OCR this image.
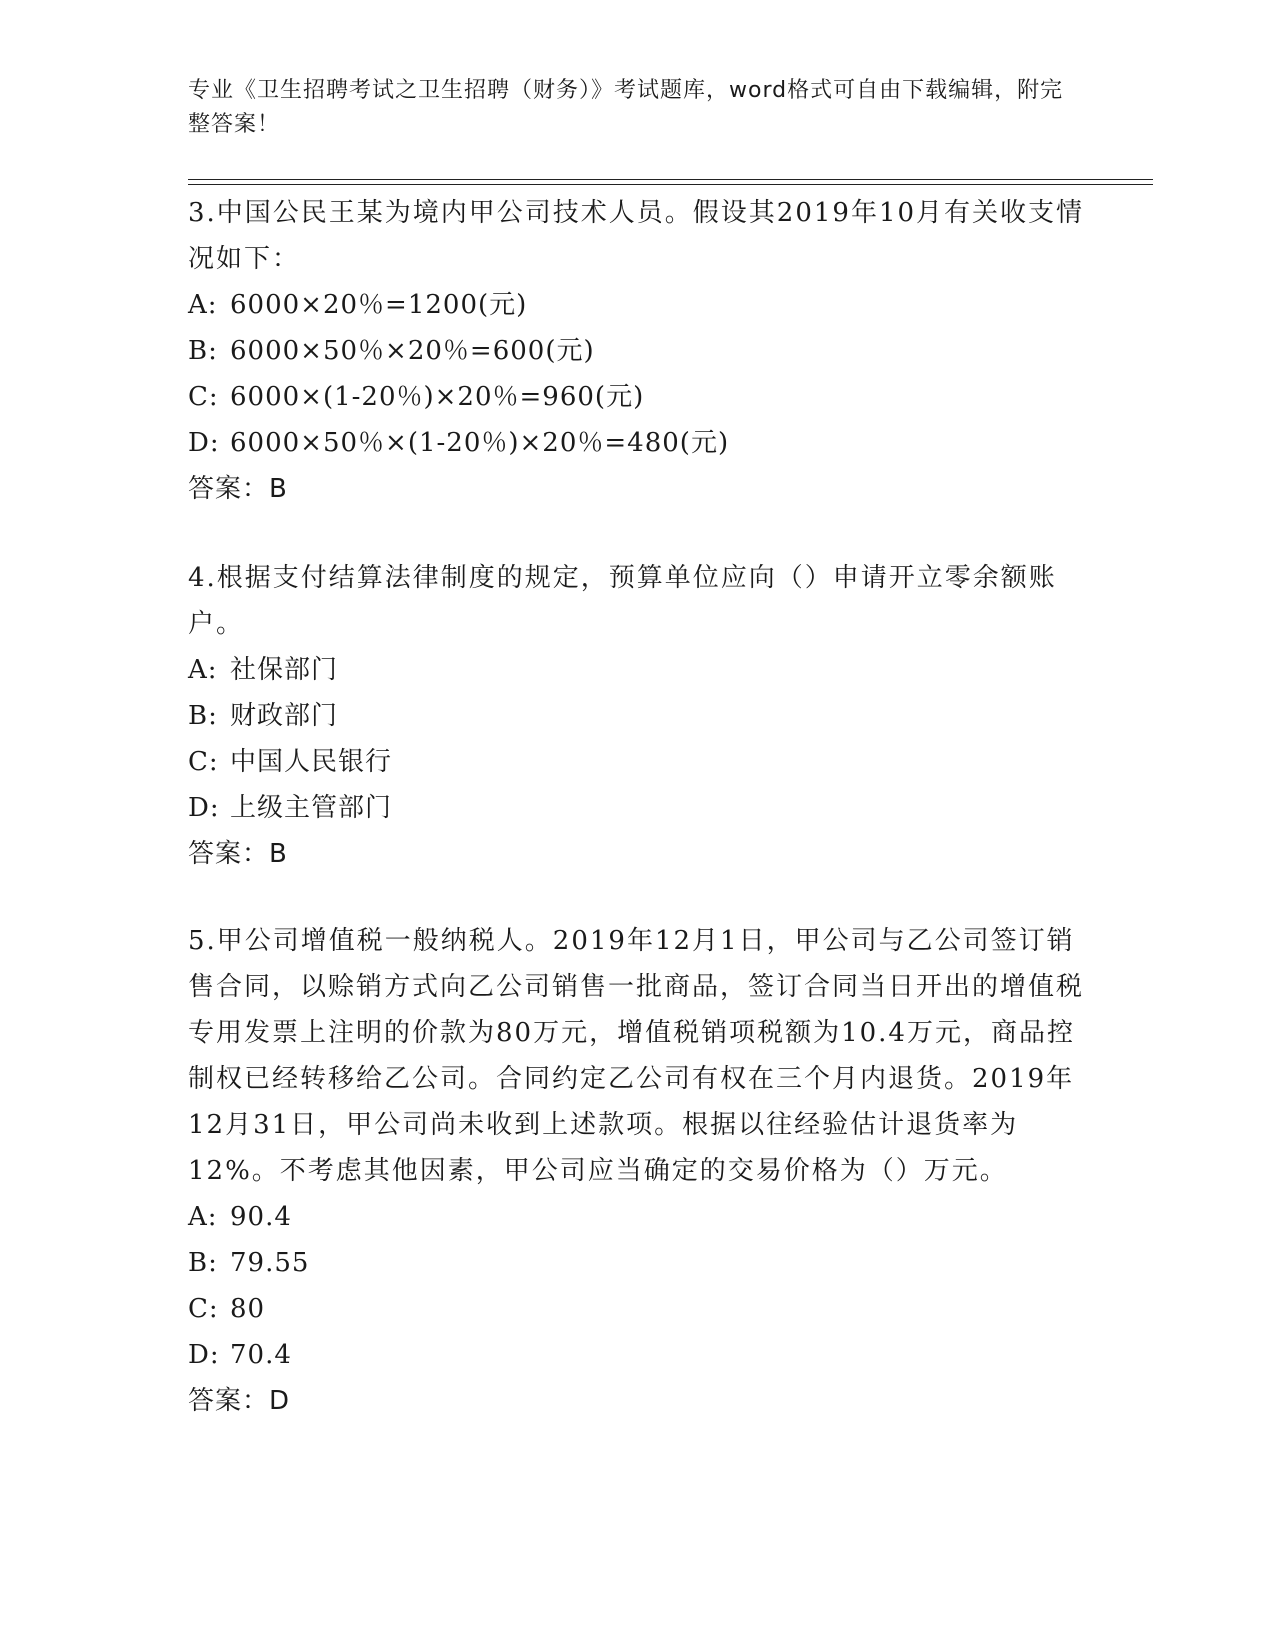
专业《卫生招聘考试之卫生招聘（财务）》考试题库，word格式可自由下载编辑，附完整答案！

3.中国公民王某为境内甲公司技术人员。假设其2019年10月有关收支情况如下：

A: 6000×20％=1200(元)

B: 6000×50％×20％=600(元)

C: 6000×(1-20％)×20％=960(元)

D: 6000×50％×(1-20％)×20％=480(元)

答案：B

4.根据支付结算法律制度的规定，预算单位应向（）申请开立零余额账户。

A: 社保部门

B: 财政部门

C: 中国人民银行

D: 上级主管部门

答案：B

5.甲公司增值税一般纳税人。2019年12月1日，甲公司与乙公司签订销售合同，以赊销方式向乙公司销售一批商品，签订合同当日开出的增值税专用发票上注明的价款为80万元，增值税销项税额为10.4万元，商品控制权已经转移给乙公司。合同约定乙公司有权在三个月内退货。2019年12月31日，甲公司尚未收到上述款项。根据以往经验估计退货率为12%。不考虑其他因素，甲公司应当确定的交易价格为（）万元。

A: 90.4

B: 79.55

C: 80

D: 70.4

答案：D
